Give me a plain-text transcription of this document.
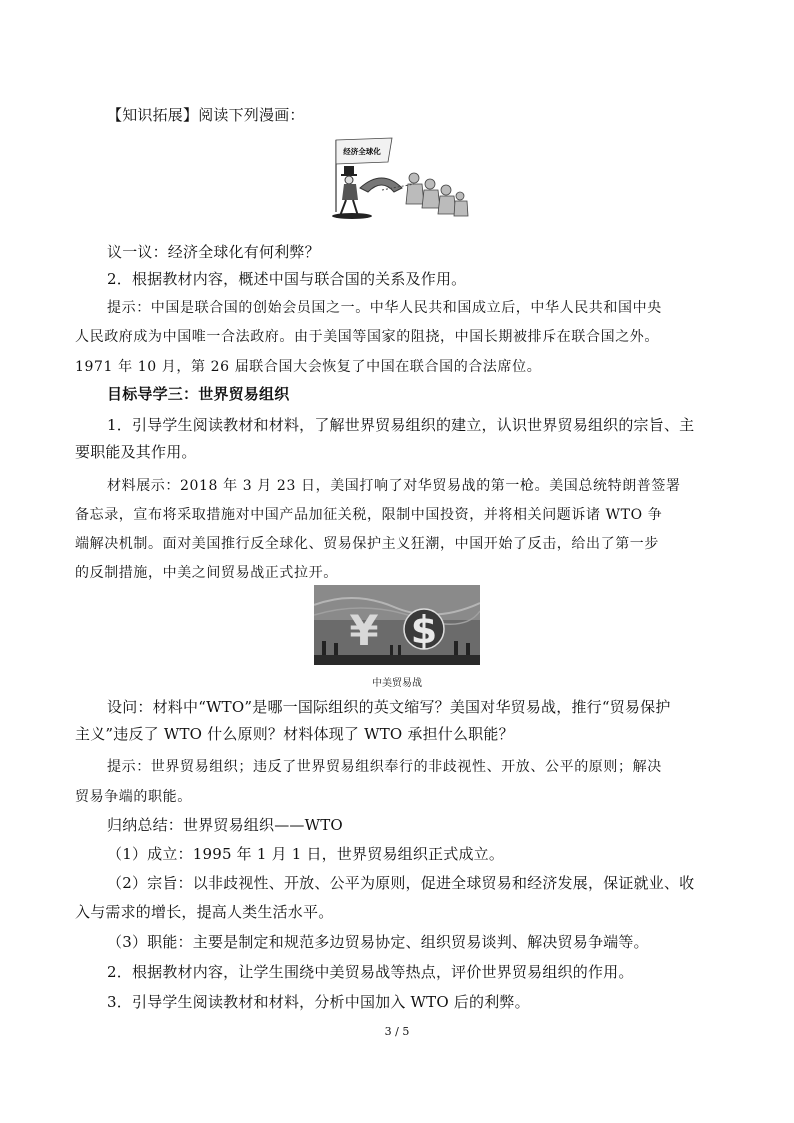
【知识拓展】阅读下列漫画：
经济全球化
议一议：经济全球化有何利弊？
2．根据教材内容，概述中国与联合国的关系及作用。
提示：中国是联合国的创始会员国之一。中华人民共和国成立后，中华人民共和国中央
人民政府成为中国唯一合法政府。由于美国等国家的阻挠，中国长期被排斥在联合国之外。
1971 年 10 月，第 26 届联合国大会恢复了中国在联合国的合法席位。
目标导学三：世界贸易组织
1．引导学生阅读教材和材料，了解世界贸易组织的建立，认识世界贸易组织的宗旨、主
要职能及其作用。
材料展示：2018 年 3 月 23 日，美国打响了对华贸易战的第一枪。美国总统特朗普签署
备忘录，宣布将采取措施对中国产品加征关税，限制中国投资，并将相关问题诉诸 WTO 争
端解决机制。面对美国推行反全球化、贸易保护主义狂潮，中国开始了反击，给出了第一步
的反制措施，中美之间贸易战正式拉开。
¥ $
中美贸易战
设问：材料中“WTO”是哪一国际组织的英文缩写？美国对华贸易战，推行“贸易保护
主义”违反了 WTO 什么原则？材料体现了 WTO 承担什么职能？
提示：世界贸易组织；违反了世界贸易组织奉行的非歧视性、开放、公平的原则；解决
贸易争端的职能。
归纳总结：世界贸易组织——WTO
（1）成立：1995 年 1 月 1 日，世界贸易组织正式成立。
（2）宗旨：以非歧视性、开放、公平为原则，促进全球贸易和经济发展，保证就业、收
入与需求的增长，提高人类生活水平。
（3）职能：主要是制定和规范多边贸易协定、组织贸易谈判、解决贸易争端等。
2．根据教材内容，让学生围绕中美贸易战等热点，评价世界贸易组织的作用。
3．引导学生阅读教材和材料，分析中国加入 WTO 后的利弊。
3 / 5
